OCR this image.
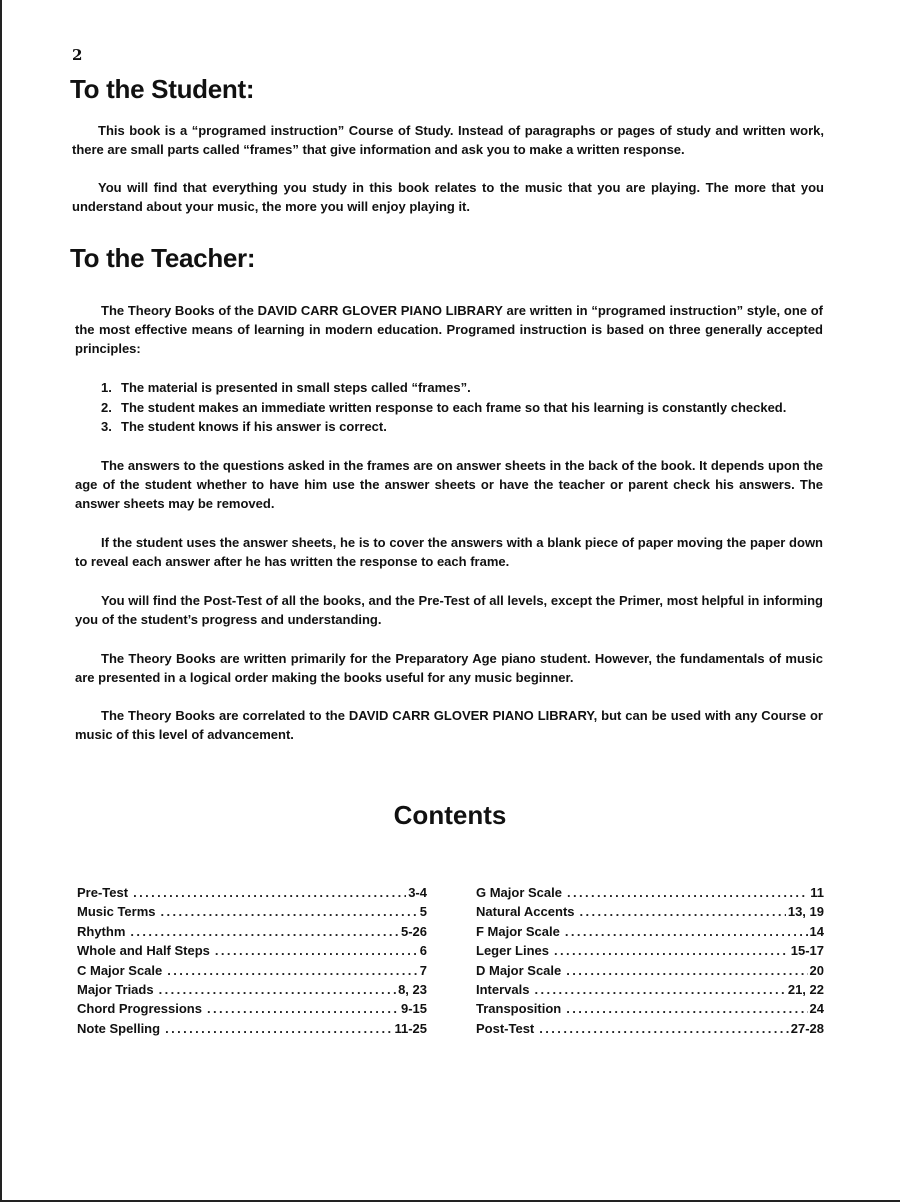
2
To the Student:

This book is a “programed instruction” Course of Study. Instead of paragraphs or pages of study and written work, there are small parts called “frames” that give information and ask you to make a written response.

You will find that everything you study in this book relates to the music that you are playing. The more that you understand about your music, the more you will enjoy playing it.

To the Teacher:

The Theory Books of the DAVID CARR GLOVER PIANO LIBRARY are written in “programed instruction” style, one of the most effective means of learning in modern education. Programed instruction is based on three generally accepted principles:

1. The material is presented in small steps called “frames”.
2. The student makes an immediate written response to each frame so that his learning is constantly checked.
3. The student knows if his answer is correct.

The answers to the questions asked in the frames are on answer sheets in the back of the book. It depends upon the age of the student whether to have him use the answer sheets or have the teacher or parent check his answers. The answer sheets may be removed.

If the student uses the answer sheets, he is to cover the answers with a blank piece of paper moving the paper down to reveal each answer after he has written the response to each frame.

You will find the Post-Test of all the books, and the Pre-Test of all levels, except the Primer, most helpful in informing you of the student’s progress and understanding.

The Theory Books are written primarily for the Preparatory Age piano student. However, the fundamentals of music are presented in a logical order making the books useful for any music beginner.

The Theory Books are correlated to the DAVID CARR GLOVER PIANO LIBRARY, but can be used with any Course or music of this level of advancement.

Contents
Pre-Test .....	3-4
Music Terms .....	5
Rhythm .....	5-26
Whole and Half Steps .....	6
C Major Scale .....	7
Major Triads .....	8, 23
Chord Progressions .....	9-15
Note Spelling .....	11-25
G Major Scale .....	11
Natural Accents .....	13, 19
F Major Scale .....	14
Leger Lines .....	15-17
D Major Scale .....	20
Intervals .....	21, 22
Transposition .....	24
Post-Test .....	27-28
